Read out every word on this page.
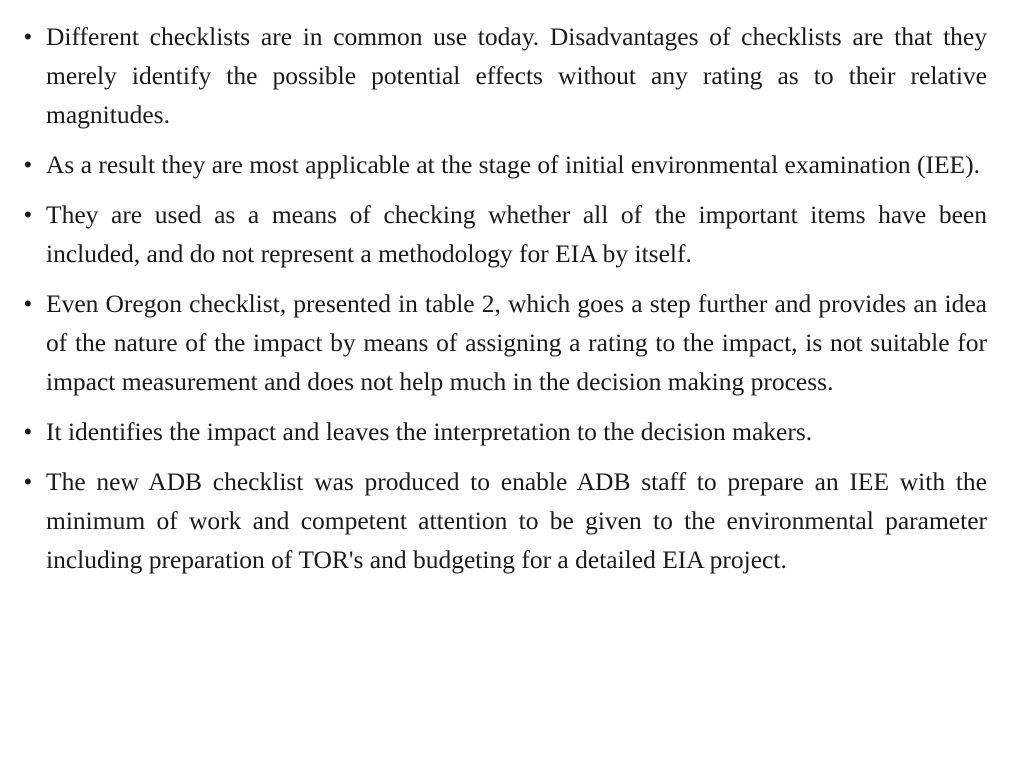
• Different checklists are in common use today. Disadvantages of checklists are that they merely identify the possible potential effects without any rating as to their relative magnitudes.
• As a result they are most applicable at the stage of initial environmental examination (IEE).
• They are used as a means of checking whether all of the important items have been included, and do not represent a methodology for EIA by itself.
• Even Oregon checklist, presented in table 2, which goes a step further and provides an idea of the nature of the impact by means of assigning a rating to the impact, is not suitable for impact measurement and does not help much in the decision making process.
• It identifies the impact and leaves the interpretation to the decision makers.
• The new ADB checklist was produced to enable ADB staff to prepare an IEE with the minimum of work and competent attention to be given to the environmental parameter including preparation of TOR's and budgeting for a detailed EIA project.
